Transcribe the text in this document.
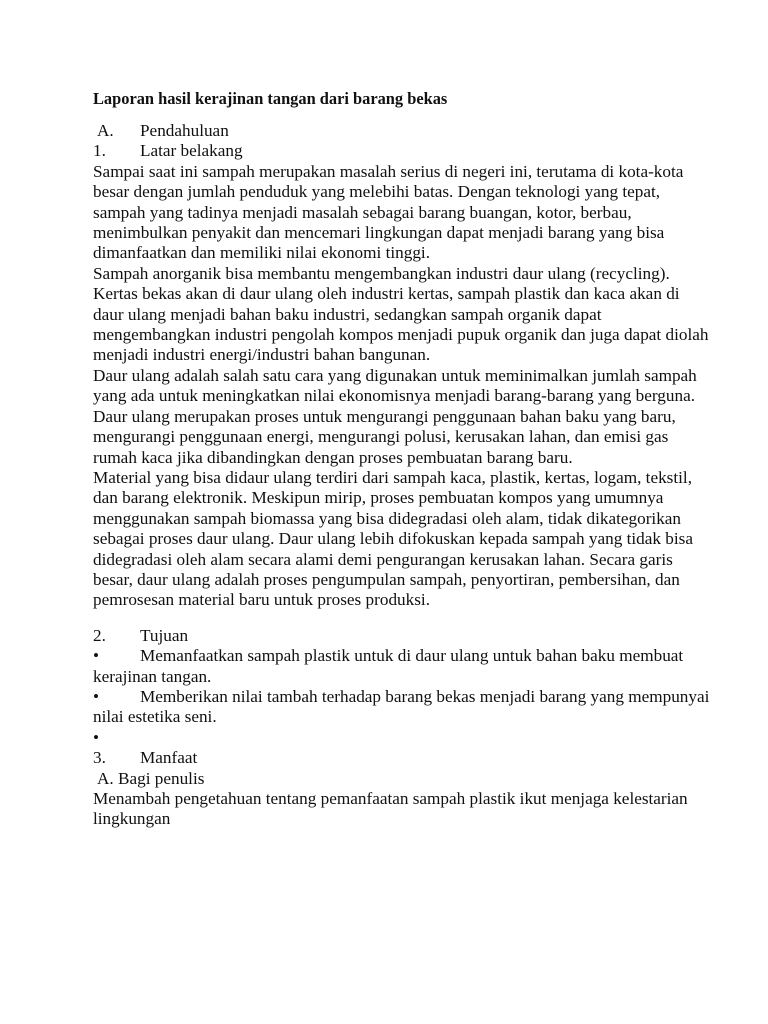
Laporan hasil kerajinan tangan dari barang bekas
A.	Pendahuluan
1.	Latar belakang

Sampai saat ini sampah merupakan masalah serius di negeri ini, terutama di kota-kota besar dengan jumlah penduduk yang melebihi batas. Dengan teknologi yang tepat, sampah yang tadinya menjadi masalah sebagai barang buangan, kotor, berbau, menimbulkan penyakit dan mencemari lingkungan dapat menjadi barang yang bisa dimanfaatkan dan memiliki nilai ekonomi tinggi.

Sampah anorganik bisa membantu mengembangkan industri daur ulang (recycling). Kertas bekas akan di daur ulang oleh industri kertas, sampah plastik dan kaca akan di daur ulang menjadi bahan baku industri, sedangkan sampah organik dapat mengembangkan industri pengolah kompos menjadi pupuk organik dan juga dapat diolah menjadi industri energi/industri bahan bangunan.

Daur ulang adalah salah satu cara yang digunakan untuk meminimalkan jumlah sampah yang ada untuk meningkatkan nilai ekonomisnya menjadi barang-barang yang berguna. Daur ulang merupakan proses untuk mengurangi penggunaan bahan baku yang baru, mengurangi penggunaan energi, mengurangi polusi, kerusakan lahan, dan emisi gas rumah kaca jika dibandingkan dengan proses pembuatan barang baru.

Material yang bisa didaur ulang terdiri dari sampah kaca, plastik, kertas, logam, tekstil, dan barang elektronik. Meskipun mirip, proses pembuatan kompos yang umumnya menggunakan sampah biomassa yang bisa didegradasi oleh alam, tidak dikategorikan sebagai proses daur ulang. Daur ulang lebih difokuskan kepada sampah yang tidak bisa didegradasi oleh alam secara alami demi pengurangan kerusakan lahan. Secara garis besar, daur ulang adalah proses pengumpulan sampah, penyortiran, pembersihan, dan pemrosesan material baru untuk proses produksi.

2.	Tujuan

• Memanfaatkan sampah plastik untuk di daur ulang untuk bahan baku membuat kerajinan tangan.

• Memberikan nilai tambah terhadap barang bekas menjadi barang yang mempunyai nilai estetika seni.

•

3.	Manfaat
A. Bagi penulis

Menambah pengetahuan tentang pemanfaatan sampah plastik ikut menjaga kelestarian lingkungan
